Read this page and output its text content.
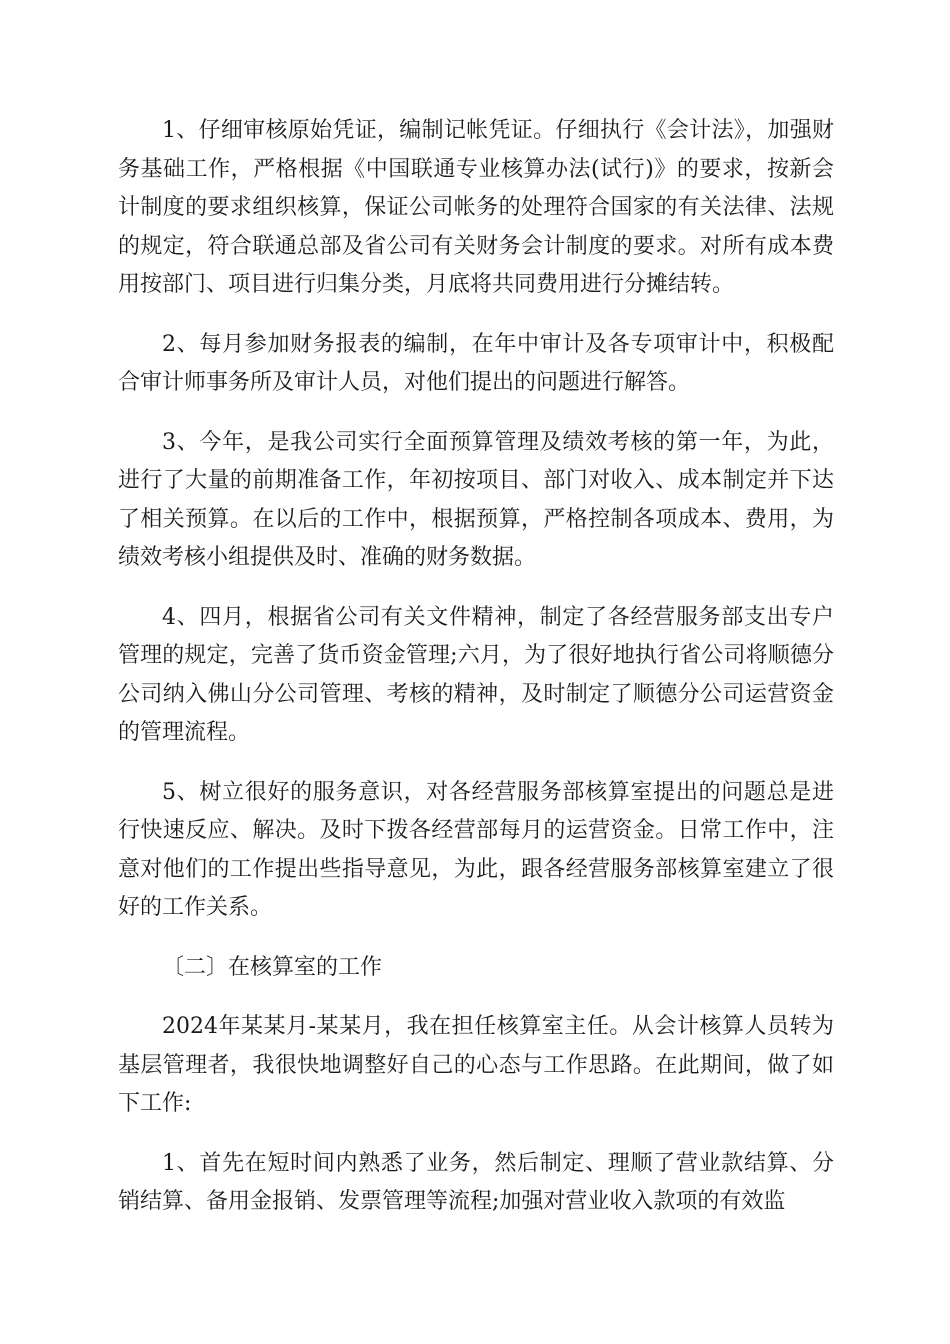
1、仔细审核原始凭证，编制记帐凭证。仔细执行《会计法》，加强财务基础工作，严格根据《中国联通专业核算办法(试行)》的要求，按新会计制度的要求组织核算，保证公司帐务的处理符合国家的有关法律、法规的规定，符合联通总部及省公司有关财务会计制度的要求。对所有成本费用按部门、项目进行归集分类，月底将共同费用进行分摊结转。

2、每月参加财务报表的编制，在年中审计及各专项审计中，积极配合审计师事务所及审计人员，对他们提出的问题进行解答。

3、今年，是我公司实行全面预算管理及绩效考核的第一年，为此，进行了大量的前期准备工作，年初按项目、部门对收入、成本制定并下达了相关预算。在以后的工作中，根据预算，严格控制各项成本、费用，为绩效考核小组提供及时、准确的财务数据。

4、四月，根据省公司有关文件精神，制定了各经营服务部支出专户管理的规定，完善了货币资金管理;六月，为了很好地执行省公司将顺德分公司纳入佛山分公司管理、考核的精神，及时制定了顺德分公司运营资金的管理流程。

5、树立很好的服务意识，对各经营服务部核算室提出的问题总是进行快速反应、解决。及时下拨各经营部每月的运营资金。日常工作中，注意对他们的工作提出些指导意见，为此，跟各经营服务部核算室建立了很好的工作关系。

〔二〕在核算室的工作

2024年某某月-某某月，我在担任核算室主任。从会计核算人员转为基层管理者，我很快地调整好自己的心态与工作思路。在此期间，做了如下工作:

1、首先在短时间内熟悉了业务，然后制定、理顺了营业款结算、分销结算、备用金报销、发票管理等流程;加强对营业收入款项的有效监
